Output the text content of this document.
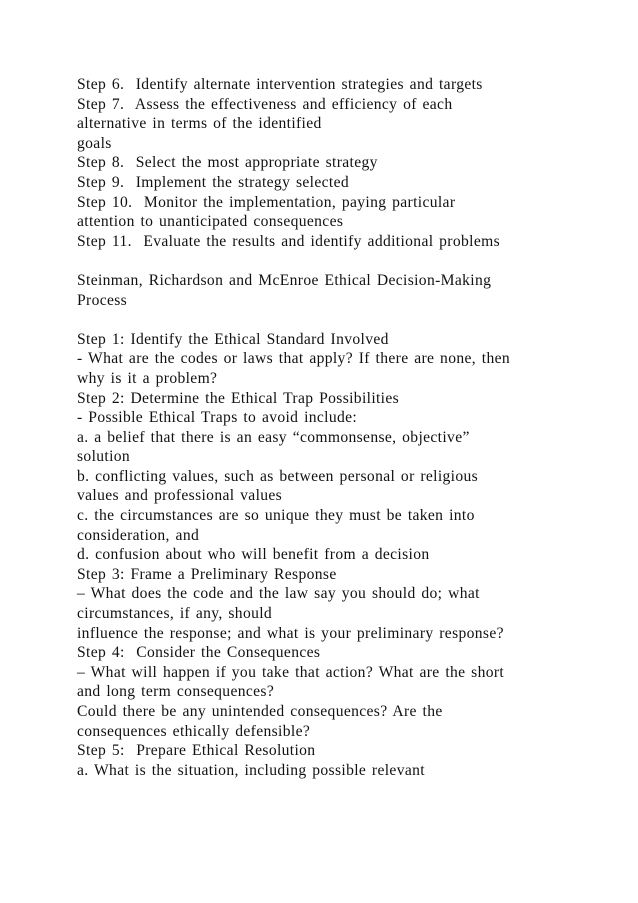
Step 6.  Identify alternate intervention strategies and targets
Step 7.  Assess the effectiveness and efficiency of each
alternative in terms of the identified
goals
Step 8.  Select the most appropriate strategy
Step 9.  Implement the strategy selected
Step 10.  Monitor the implementation, paying particular
attention to unanticipated consequences
Step 11.  Evaluate the results and identify additional problems
Steinman, Richardson and McEnroe Ethical Decision-Making
Process
Step 1: Identify the Ethical Standard Involved
- What are the codes or laws that apply? If there are none, then
why is it a problem?
Step 2: Determine the Ethical Trap Possibilities
- Possible Ethical Traps to avoid include:
a. a belief that there is an easy “commonsense, objective”
solution
b. conflicting values, such as between personal or religious
values and professional values
c. the circumstances are so unique they must be taken into
consideration, and
d. confusion about who will benefit from a decision
Step 3: Frame a Preliminary Response
– What does the code and the law say you should do; what
circumstances, if any, should
influence the response; and what is your preliminary response?
Step 4:  Consider the Consequences
– What will happen if you take that action? What are the short
and long term consequences?
Could there be any unintended consequences? Are the
consequences ethically defensible?
Step 5:  Prepare Ethical Resolution
a. What is the situation, including possible relevant
